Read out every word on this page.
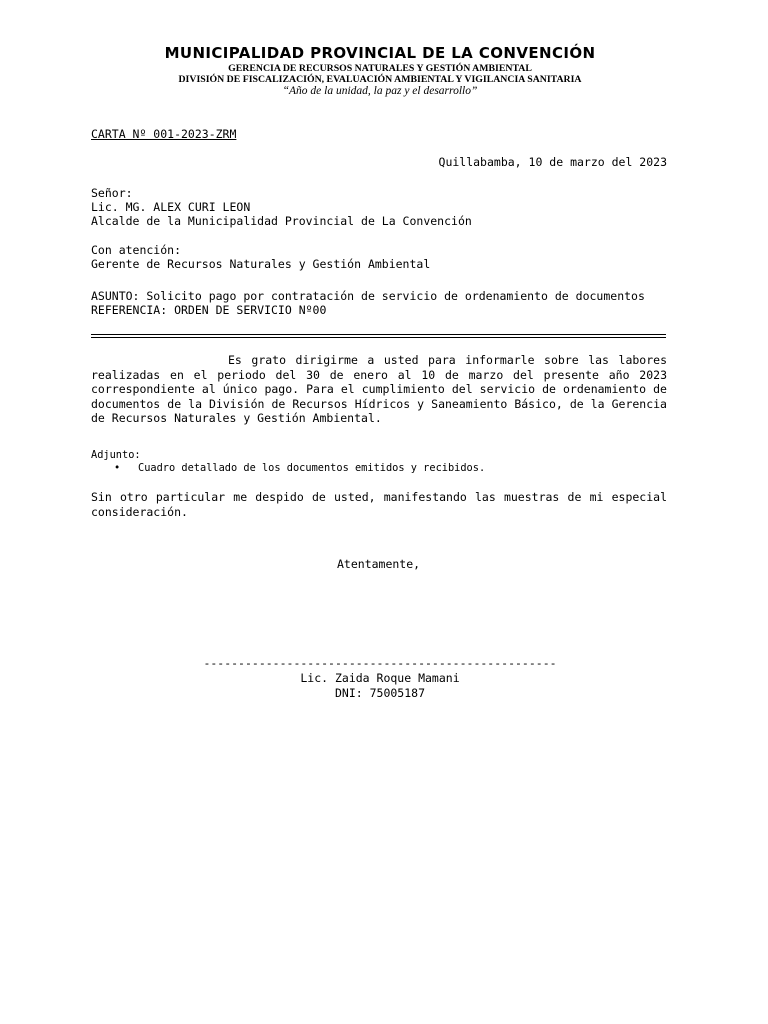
MUNICIPALIDAD PROVINCIAL DE LA CONVENCIÓN
GERENCIA DE RECURSOS NATURALES Y GESTIÓN AMBIENTAL
DIVISIÓN DE FISCALIZACIÓN, EVALUACIÓN AMBIENTAL Y VIGILANCIA SANITARIA
“Año de la unidad, la paz y el desarrollo”
CARTA Nº 001-2023-ZRM
Quillabamba, 10 de marzo del 2023
Señor:
Lic. MG. ALEX CURI LEON
Alcalde de la Municipalidad Provincial de La Convención
Con atención:
Gerente de Recursos Naturales y Gestión Ambiental
ASUNTO: Solicito pago por contratación de servicio de ordenamiento de documentos
REFERENCIA: ORDEN DE SERVICIO Nº00
Es grato dirigirme a usted para informarle sobre las labores realizadas en el periodo del 30 de enero al 10 de marzo del presente año 2023 correspondiente al único pago. Para el cumplimiento del servicio de ordenamiento de documentos de la División de Recursos Hídricos y Saneamiento Básico, de la Gerencia de Recursos Naturales y Gestión Ambiental.
Adjunto:
• Cuadro detallado de los documentos emitidos y recibidos.
Sin otro particular me despido de usted, manifestando las muestras de mi especial consideración.
Atentamente,
---------------------------------------------------
Lic. Zaida Roque Mamani
DNI: 75005187
